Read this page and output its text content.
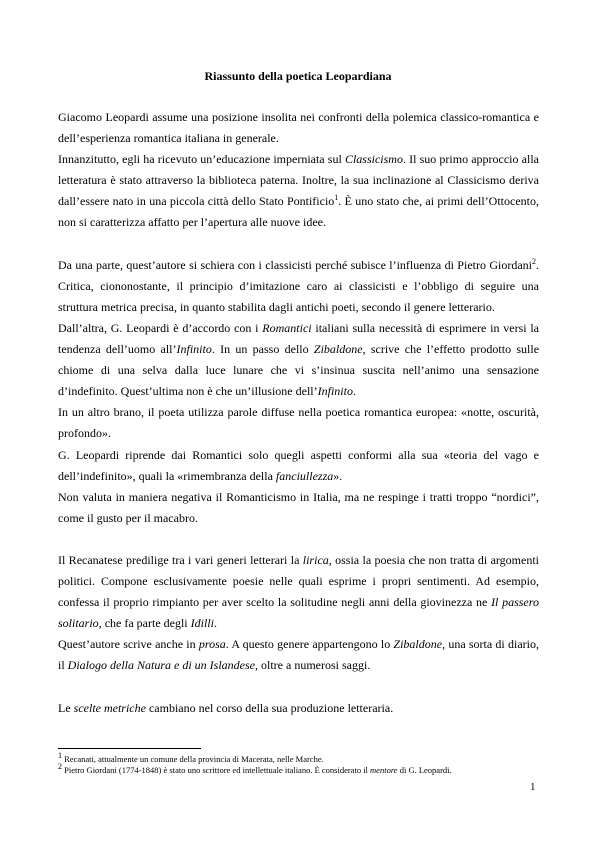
Riassunto della poetica Leopardiana

Giacomo Leopardi assume una posizione insolita nei confronti della polemica classico-romantica e dell’esperienza romantica italiana in generale.

Innanzitutto, egli ha ricevuto un’educazione imperniata sul Classicismo. Il suo primo approccio alla letteratura è stato attraverso la biblioteca paterna. Inoltre, la sua inclinazione al Classicismo deriva dall’essere nato in una piccola città dello Stato Pontificio$^1$. È uno stato che, ai primi dell’Ottocento, non si caratterizza affatto per l’apertura alle nuove idee.

Da una parte, quest’autore si schiera con i classicisti perché subisce l’influenza di Pietro Giordani$^2$. Critica, ciononostante, il principio d’imitazione caro ai classicisti e l’obbligo di seguire una struttura metrica precisa, in quanto stabilita dagli antichi poeti, secondo il genere letterario.

Dall’altra, G. Leopardi è d’accordo con i Romantici italiani sulla necessità di esprimere in versi la tendenza dell’uomo all’Infinito. In un passo dello Zibaldone, scrive che l’effetto prodotto sulle chiome di una selva dalla luce lunare che vi s’insinua suscita nell’animo una sensazione d’indefinito. Quest’ultima non è che un’illusione dell’Infinito.

In un altro brano, il poeta utilizza parole diffuse nella poetica romantica europea: «notte, oscurità, profondo».

G. Leopardi riprende dai Romantici solo quegli aspetti conformi alla sua «teoria del vago e dell’indefinito», quali la «rimembranza della fanciullezza».

Non valuta in maniera negativa il Romanticismo in Italia, ma ne respinge i tratti troppo “nordici”, come il gusto per il macabro.

Il Recanatese predilige tra i vari generi letterari la lirica, ossia la poesia che non tratta di argomenti politici. Compone esclusivamente poesie nelle quali esprime i propri sentimenti. Ad esempio, confessa il proprio rimpianto per aver scelto la solitudine negli anni della giovinezza ne Il passero solitario, che fa parte degli Idilli.

Quest’autore scrive anche in prosa. A questo genere appartengono lo Zibaldone, una sorta di diario, il Dialogo della Natura e di un Islandese, oltre a numerosi saggi.

Le scelte metriche cambiano nel corso della sua produzione letteraria.

1 Recanati, attualmente un comune della provincia di Macerata, nelle Marche.

2 Pietro Giordani (1774-1848) è stato uno scrittore ed intellettuale italiano. È considerato il mentore di G. Leopardi.

1
